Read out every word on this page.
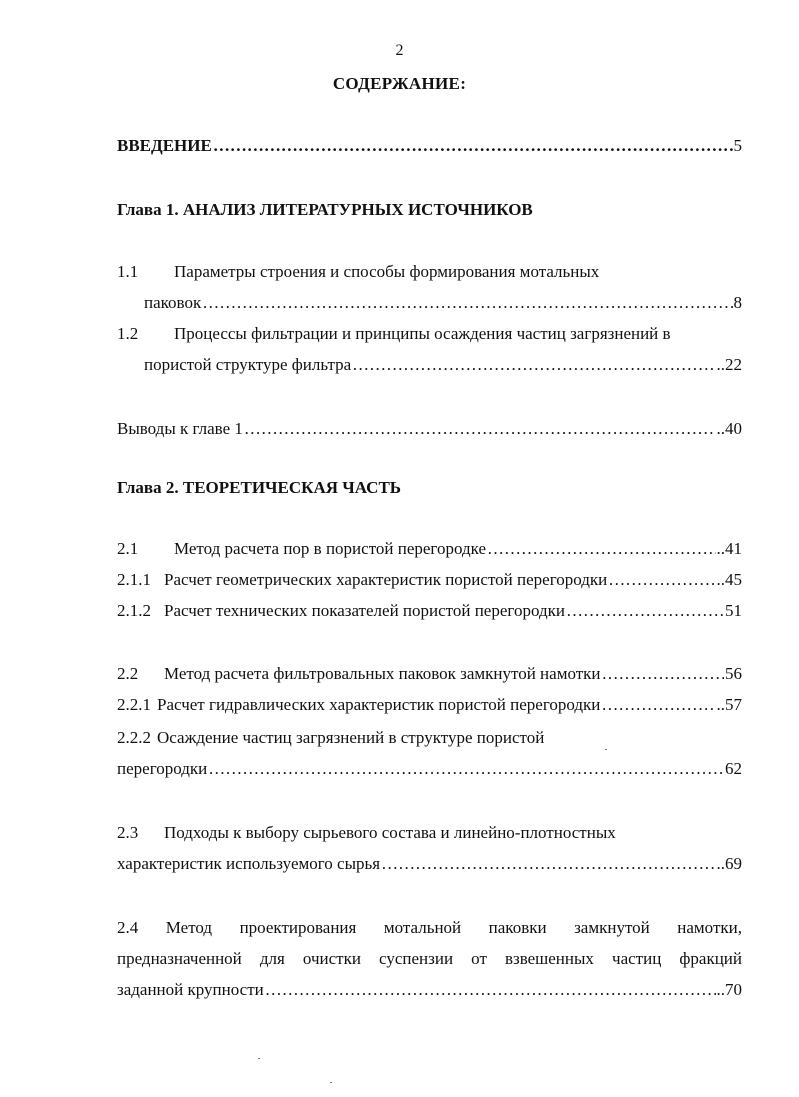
2
СОДЕРЖАНИЕ:
ВВЕДЕНИЕ …………………………………………………………………………………………………………………………………………………………………………	5
Глава 1. АНАЛИЗ ЛИТЕРАТУРНЫХ ИСТОЧНИКОВ
1.1 Параметры строения и способы формирования мотальных
паковок …………………………………………………………………………………………………………………………………………………………………………	8
1.2 Процессы фильтрации и принципы осаждения частиц загрязнений в
пористой структуре фильтра …………………………………………………………………………………………………………………………………………………………………………	..22
Выводы к главе 1 …………………………………………………………………………………………………………………………………………………………………………	..40
Глава 2. ТЕОРЕТИЧЕСКАЯ ЧАСТЬ
2.1 Метод расчета пор в пористой перегородке …………………………………………………………………………………………………………………………………………………………………………	..41
2.1.1 Расчет геометрических характеристик пористой перегородки …………………………………………………………………………………………………………………………………………………………………………	..45
2.1.2 Расчет технических показателей пористой перегородки …………………………………………………………………………………………………………………………………………………………………………	51
2.2 Метод расчета фильтровальных паковок замкнутой намотки …………………………………………………………………………………………………………………………………………………………………………	56
2.2.1 Расчет гидравлических характеристик пористой перегородки …………………………………………………………………………………………………………………………………………………………………………	..57
2.2.2 Осаждение частиц загрязнений в структуре пористой
перегородки …………………………………………………………………………………………………………………………………………………………………………	62
2.3 Подходы к выбору сырьевого состава и линейно-плотностных
характеристик используемого сырья …………………………………………………………………………………………………………………………………………………………………………	..69
2.4 Метод проектирования мотальной паковки замкнутой намотки,
предназначенной для очистки суспензии от взвешенных частиц фракций
заданной крупности …………………………………………………………………………………………………………………………………………………………………………	..70
